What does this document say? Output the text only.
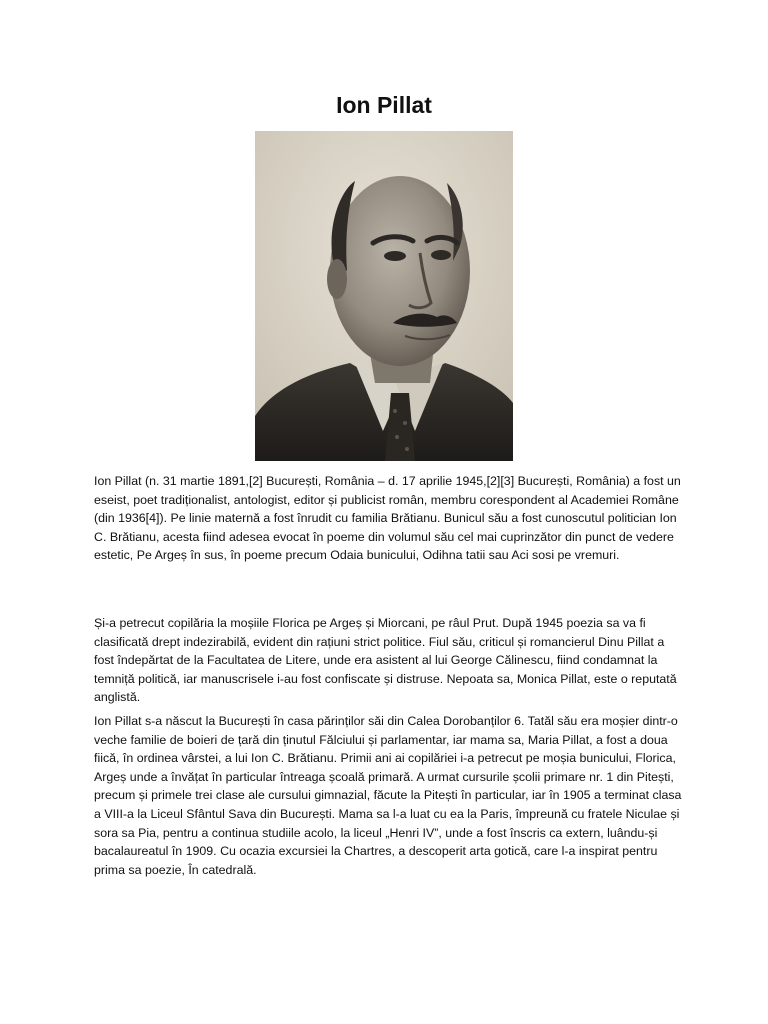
Ion Pillat

Ion Pillat (n. 31 martie 1891,[2] București, România – d. 17 aprilie 1945,[2][3] București, România) a fost un eseist, poet tradiționalist, antologist, editor și publicist român, membru corespondent al Academiei Române (din 1936[4]). Pe linie maternă a fost înrudit cu familia Brătianu. Bunicul său a fost cunoscutul politician Ion C. Brătianu, acesta fiind adesea evocat în poeme din volumul său cel mai cuprinzător din punct de vedere estetic, Pe Argeș în sus, în poeme precum Odaia bunicului, Odihna tatii sau Aci sosi pe vremuri.

Și-a petrecut copilăria la moșiile Florica pe Argeș și Miorcani, pe râul Prut. După 1945 poezia sa va fi clasificată drept indezirabilă, evident din rațiuni strict politice. Fiul său, criticul și romancierul Dinu Pillat a fost îndepărtat de la Facultatea de Litere, unde era asistent al lui George Călinescu, fiind condamnat la temniță politică, iar manuscrisele i-au fost confiscate și distruse. Nepoata sa, Monica Pillat, este o reputată anglistă.

Ion Pillat s-a născut la București în casa părinților săi din Calea Dorobanților 6. Tatăl său era moșier dintr-o veche familie de boieri de țară din ținutul Fălciului și parlamentar, iar mama sa, Maria Pillat, a fost a doua fiică, în ordinea vârstei, a lui Ion C. Brătianu. Primii ani ai copilăriei i-a petrecut pe moșia bunicului, Florica, Argeș unde a învățat în particular întreaga școală primară. A urmat cursurile școlii primare nr. 1 din Pitești, precum și primele trei clase ale cursului gimnazial, făcute la Pitești în particular, iar în 1905 a terminat clasa a VIII-a la Liceul Sfântul Sava din București. Mama sa l-a luat cu ea la Paris, împreună cu fratele Niculae și sora sa Pia, pentru a continua studiile acolo, la liceul „Henri IV”, unde a fost înscris ca extern, luându-și bacalaureatul în 1909. Cu ocazia excursiei la Chartres, a descoperit arta gotică, care l-a inspirat pentru prima sa poezie, În catedrală.
